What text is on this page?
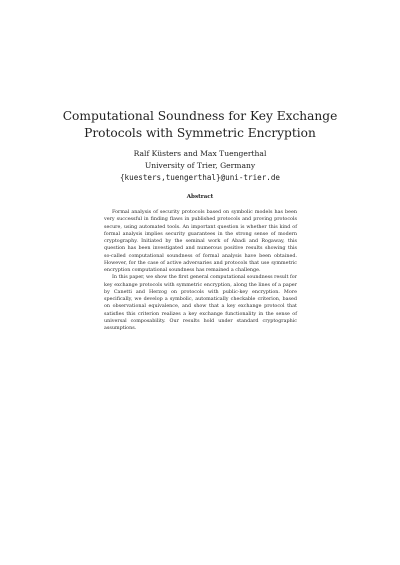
Computational Soundness for Key Exchange
Protocols with Symmetric Encryption
Ralf Küsters and Max Tuengerthal
University of Trier, Germany
{kuesters,tuengerthal}@uni-trier.de
Abstract

Formal analysis of security protocols based on symbolic models has been very successful in finding flaws in published protocols and proving protocols secure, using automated tools. An important question is whether this kind of formal analysis implies security guarantees in the strong sense of modern cryptography. Initiated by the seminal work of Abadi and Rogaway, this question has been investigated and numerous positive results showing this so-called computational soundness of formal analysis have been obtained. However, for the case of active adversaries and protocols that use symmetric encryption computational soundness has remained a challenge.

In this paper, we show the first general computational soundness result for key exchange protocols with symmetric encryption, along the lines of a paper by Canetti and Herzog on protocols with public-key encryption. More specifically, we develop a symbolic, automatically checkable criterion, based on observational equivalence, and show that a key exchange protocol that satisfies this criterion realizes a key exchange functionality in the sense of universal composability. Our results hold under standard cryptographic assumptions.
